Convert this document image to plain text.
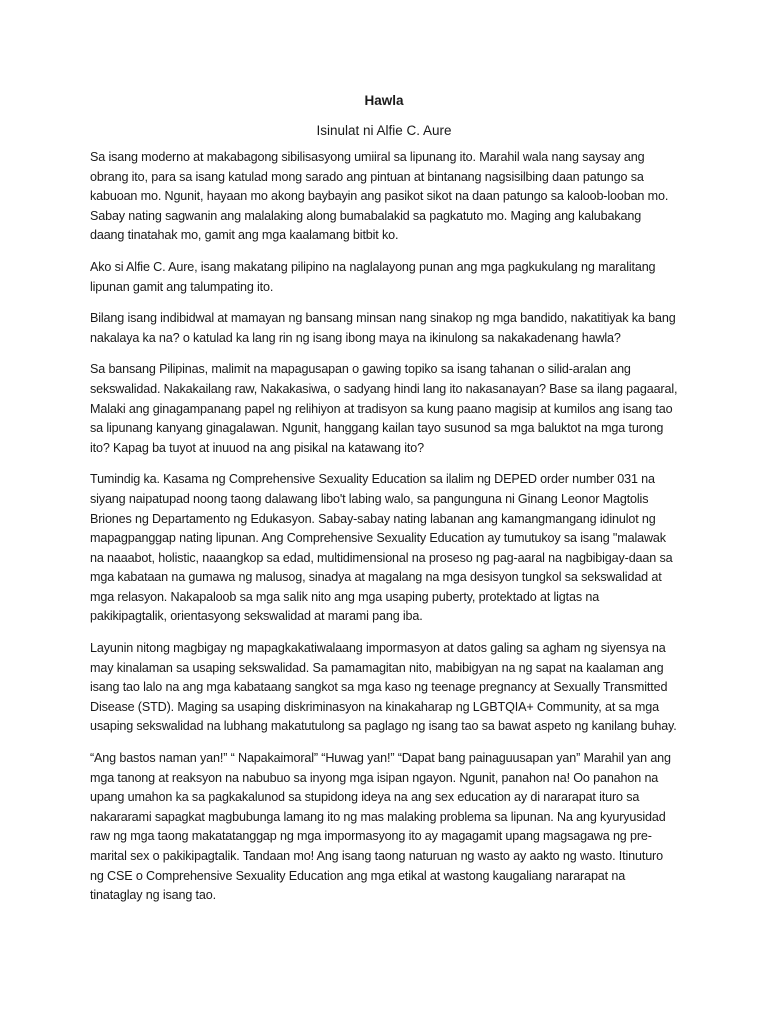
Hawla
Isinulat ni Alfie C. Aure

Sa isang moderno at makabagong sibilisasyong umiiral sa lipunang ito. Marahil wala nang saysay ang obrang ito, para sa isang katulad mong sarado ang pintuan at bintanang nagsisilbing daan patungo sa kabuoan mo. Ngunit, hayaan mo akong baybayin ang pasikot sikot na daan patungo sa kaloob-looban mo. Sabay nating sagwanin ang malalaking along bumabalakid sa pagkatuto mo. Maging ang kalubakang daang tinatahak mo, gamit ang mga kaalamang bitbit ko.

Ako si Alfie C. Aure, isang makatang pilipino na naglalayong punan ang mga pagkukulang ng maralitang lipunan gamit ang talumpating ito.

Bilang isang indibidwal at mamayan ng bansang minsan nang sinakop ng mga bandido, nakatitiyak ka bang nakalaya ka na? o katulad ka lang rin ng isang ibong maya na ikinulong sa nakakadenang hawla?

Sa bansang Pilipinas, malimit na mapagusapan o gawing topiko sa isang tahanan o silid-aralan ang sekswalidad. Nakakailang raw, Nakakasiwa, o sadyang hindi lang ito nakasanayan? Base sa ilang pagaaral, Malaki ang ginagampanang papel ng relihiyon at tradisyon sa kung paano magisip at kumilos ang isang tao sa lipunang kanyang ginagalawan. Ngunit, hanggang kailan tayo susunod sa mga baluktot na mga turong ito? Kapag ba tuyot at inuuod na ang pisikal na katawang ito?

Tumindig ka. Kasama ng Comprehensive Sexuality Education sa ilalim ng DEPED order number 031 na siyang naipatupad noong taong dalawang libo't labing walo, sa pangunguna ni Ginang Leonor Magtolis Briones ng Departamento ng Edukasyon. Sabay-sabay nating labanan ang kamangmangang idinulot ng mapagpanggap nating lipunan. Ang Comprehensive Sexuality Education ay tumutukoy sa isang "malawak na naaabot, holistic, naaangkop sa edad, multidimensional na proseso ng pag-aaral na nagbibigay-daan sa mga kabataan na gumawa ng malusog, sinadya at magalang na mga desisyon tungkol sa sekswalidad at mga relasyon. Nakapaloob sa mga salik nito ang mga usaping puberty, protektado at ligtas na pakikipagtalik, orientasyong sekswalidad at marami pang iba.

Layunin nitong magbigay ng mapagkakatiwalaang impormasyon at datos galing sa agham ng siyensya na may kinalaman sa usaping sekswalidad. Sa pamamagitan nito, mabibigyan na ng sapat na kaalaman ang isang tao lalo na ang mga kabataang sangkot sa mga kaso ng teenage pregnancy at Sexually Transmitted Disease (STD). Maging sa usaping diskriminasyon na kinakaharap ng LGBTQIA+ Community, at sa mga usaping sekswalidad na lubhang makatutulong sa paglago ng isang tao sa bawat aspeto ng kanilang buhay.

“Ang bastos naman yan!” “ Napakaimoral” “Huwag yan!” “Dapat bang painaguusapan yan” Marahil yan ang mga tanong at reaksyon na nabubuo sa inyong mga isipan ngayon. Ngunit, panahon na! Oo panahon na upang umahon ka sa pagkakalunod sa stupidong ideya na ang sex education ay di nararapat ituro sa nakararami sapagkat magbubunga lamang ito ng mas malaking problema sa lipunan. Na ang kyuryusidad raw ng mga taong makatatanggap ng mga impormasyong ito ay magagamit upang magsagawa ng pre-marital sex o pakikipagtalik. Tandaan mo! Ang isang taong naturuan ng wasto ay aakto ng wasto. Itinuturo ng CSE o Comprehensive Sexuality Education ang mga etikal at wastong kaugaliang nararapat na tinataglay ng isang tao.
